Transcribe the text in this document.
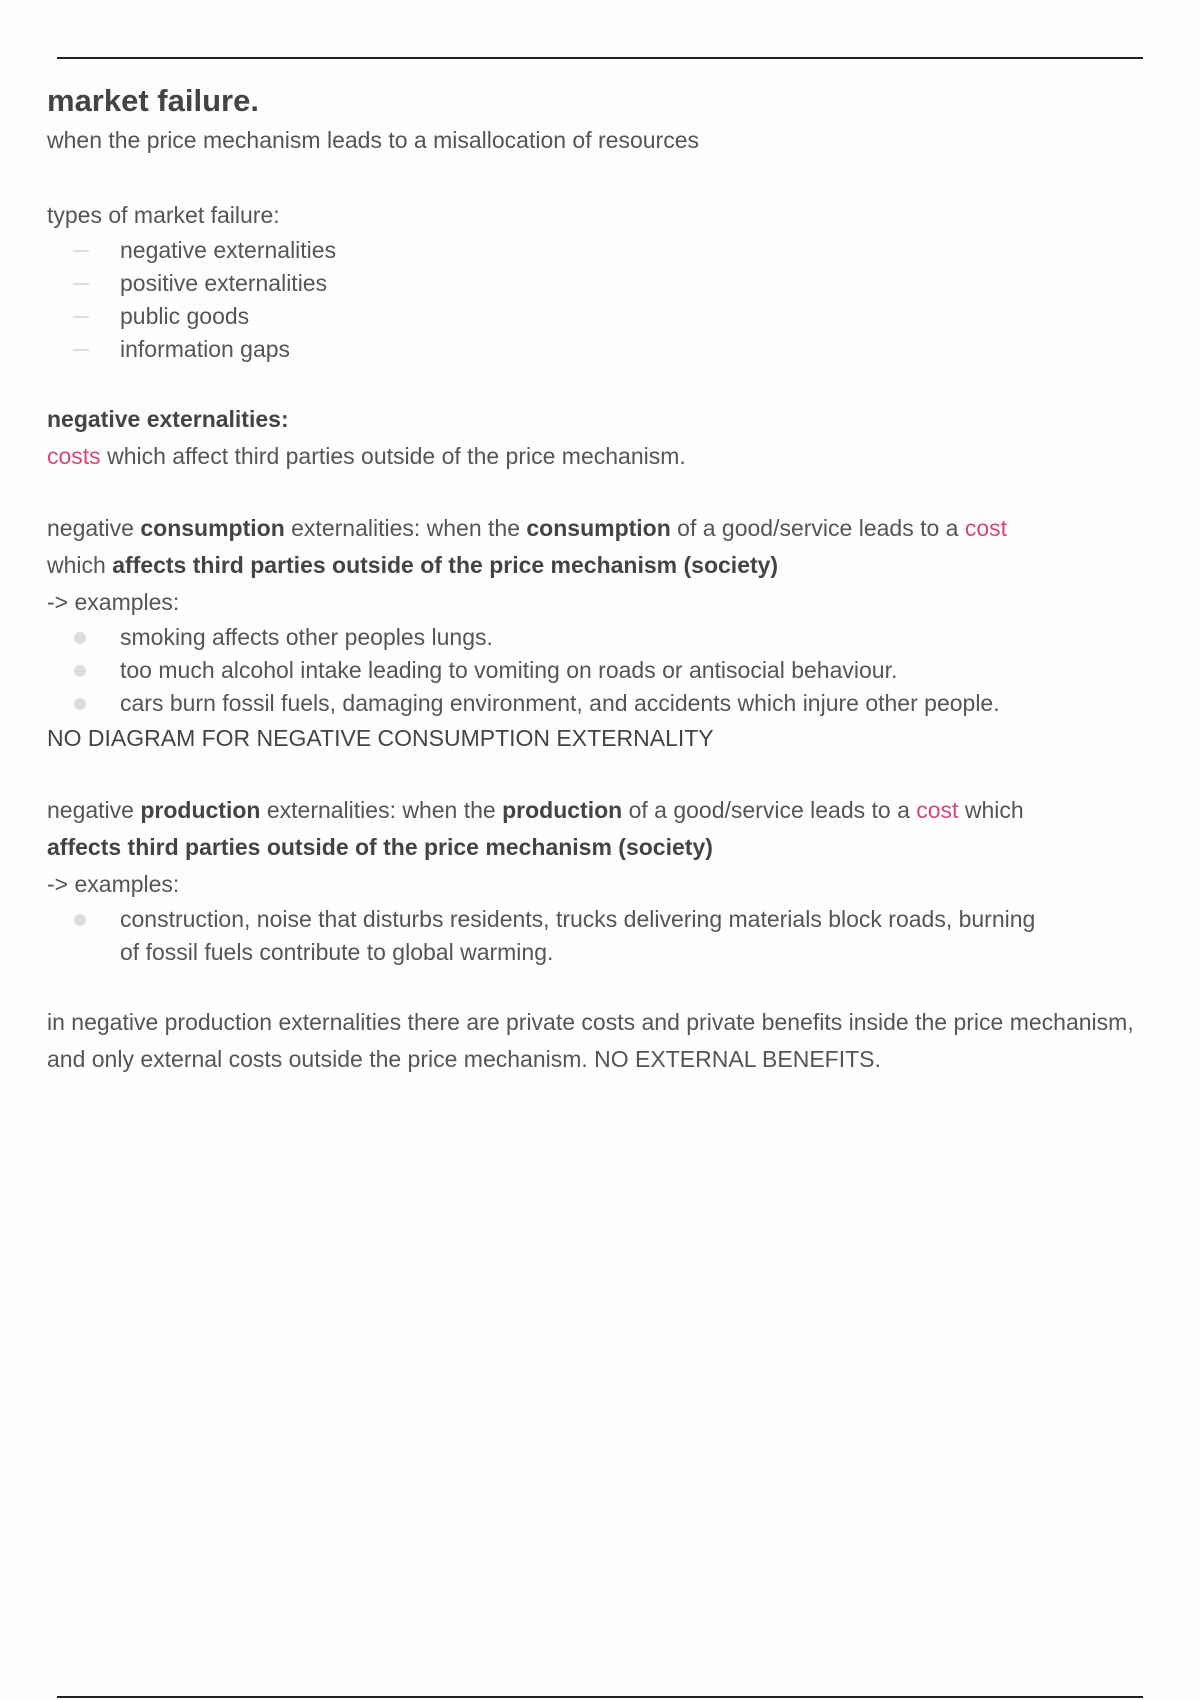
market failure.

when the price mechanism leads to a misallocation of resources

types of market failure:

negative externalities
positive externalities
public goods
information gaps

negative externalities:

costs which affect third parties outside of the price mechanism.

negative consumption externalities: when the consumption of a good/service leads to a cost

which affects third parties outside of the price mechanism (society)

-> examples:

smoking affects other peoples lungs.
too much alcohol intake leading to vomiting on roads or antisocial behaviour.
cars burn fossil fuels, damaging environment, and accidents which injure other people.

NO DIAGRAM FOR NEGATIVE CONSUMPTION EXTERNALITY

negative production externalities: when the production of a good/service leads to a cost which

affects third parties outside of the price mechanism (society)

-> examples:

construction, noise that disturbs residents, trucks delivering materials block roads, burning of fossil fuels contribute to global warming.

in negative production externalities there are private costs and private benefits inside the price mechanism, and only external costs outside the price mechanism. NO EXTERNAL BENEFITS.
